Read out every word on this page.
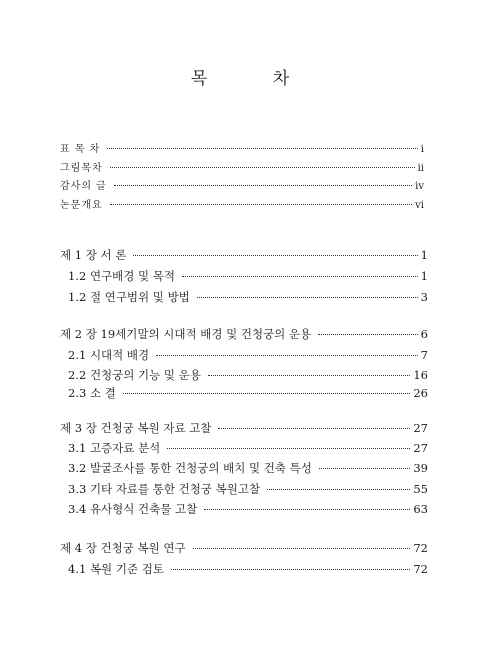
목 차
표 목 차	i
그림목차	ii
감사의 글	iv
논문개요	vi
제 1 장 서 론	1
1.2 연구배경 및 목적	1
1.2 절 연구범위 및 방법	3
제 2 장 19세기말의 시대적 배경 및 건청궁의 운용	6
2.1 시대적 배경	7
2.2 건청궁의 기능 및 운용	16
2.3 소 결	26
제 3 장 건청궁 복원 자료 고찰	27
3.1 고증자료 분석	27
3.2 발굴조사를 통한 건청궁의 배치 및 건축 특성	39
3.3 기타 자료를 통한 건청궁 복원고찰	55
3.4 유사형식 건축물 고찰	63
제 4 장 건청궁 복원 연구	72
4.1 복원 기준 검토	72
